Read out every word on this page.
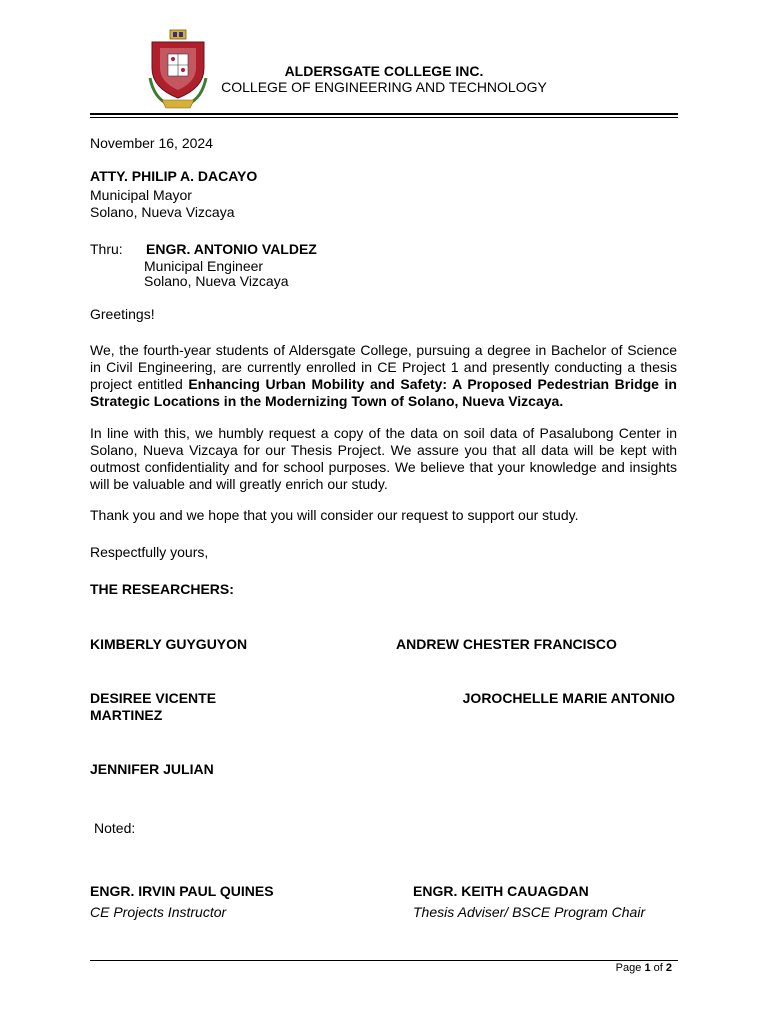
ALDERSGATE COLLEGE INC.
COLLEGE OF ENGINEERING AND TECHNOLOGY
November 16, 2024
ATTY. PHILIP A. DACAYO
Municipal Mayor
Solano, Nueva Vizcaya
Thru: ENGR. ANTONIO VALDEZ
Municipal Engineer
Solano, Nueva Vizcaya
Greetings!

We, the fourth-year students of Aldersgate College, pursuing a degree in Bachelor of Science in Civil Engineering, are currently enrolled in CE Project 1 and presently conducting a thesis project entitled Enhancing Urban Mobility and Safety: A Proposed Pedestrian Bridge in Strategic Locations in the Modernizing Town of Solano, Nueva Vizcaya.

In line with this, we humbly request a copy of the data on soil data of Pasalubong Center in Solano, Nueva Vizcaya for our Thesis Project. We assure you that all data will be kept with outmost confidentiality and for school purposes. We believe that your knowledge and insights will be valuable and will greatly enrich our study.

Thank you and we hope that you will consider our request to support our study.

Respectfully yours,
THE RESEARCHERS:
KIMBERLY GUYGUYON	ANDREW CHESTER FRANCISCO
DESIREE VICENTE
MARTINEZ
JOROCHELLE MARIE ANTONIO
JENNIFER JULIAN
Noted:
ENGR. IRVIN PAUL QUINES
CE Projects Instructor
ENGR. KEITH CAUAGDAN
Thesis Adviser/ BSCE Program Chair
Page 1 of 2
